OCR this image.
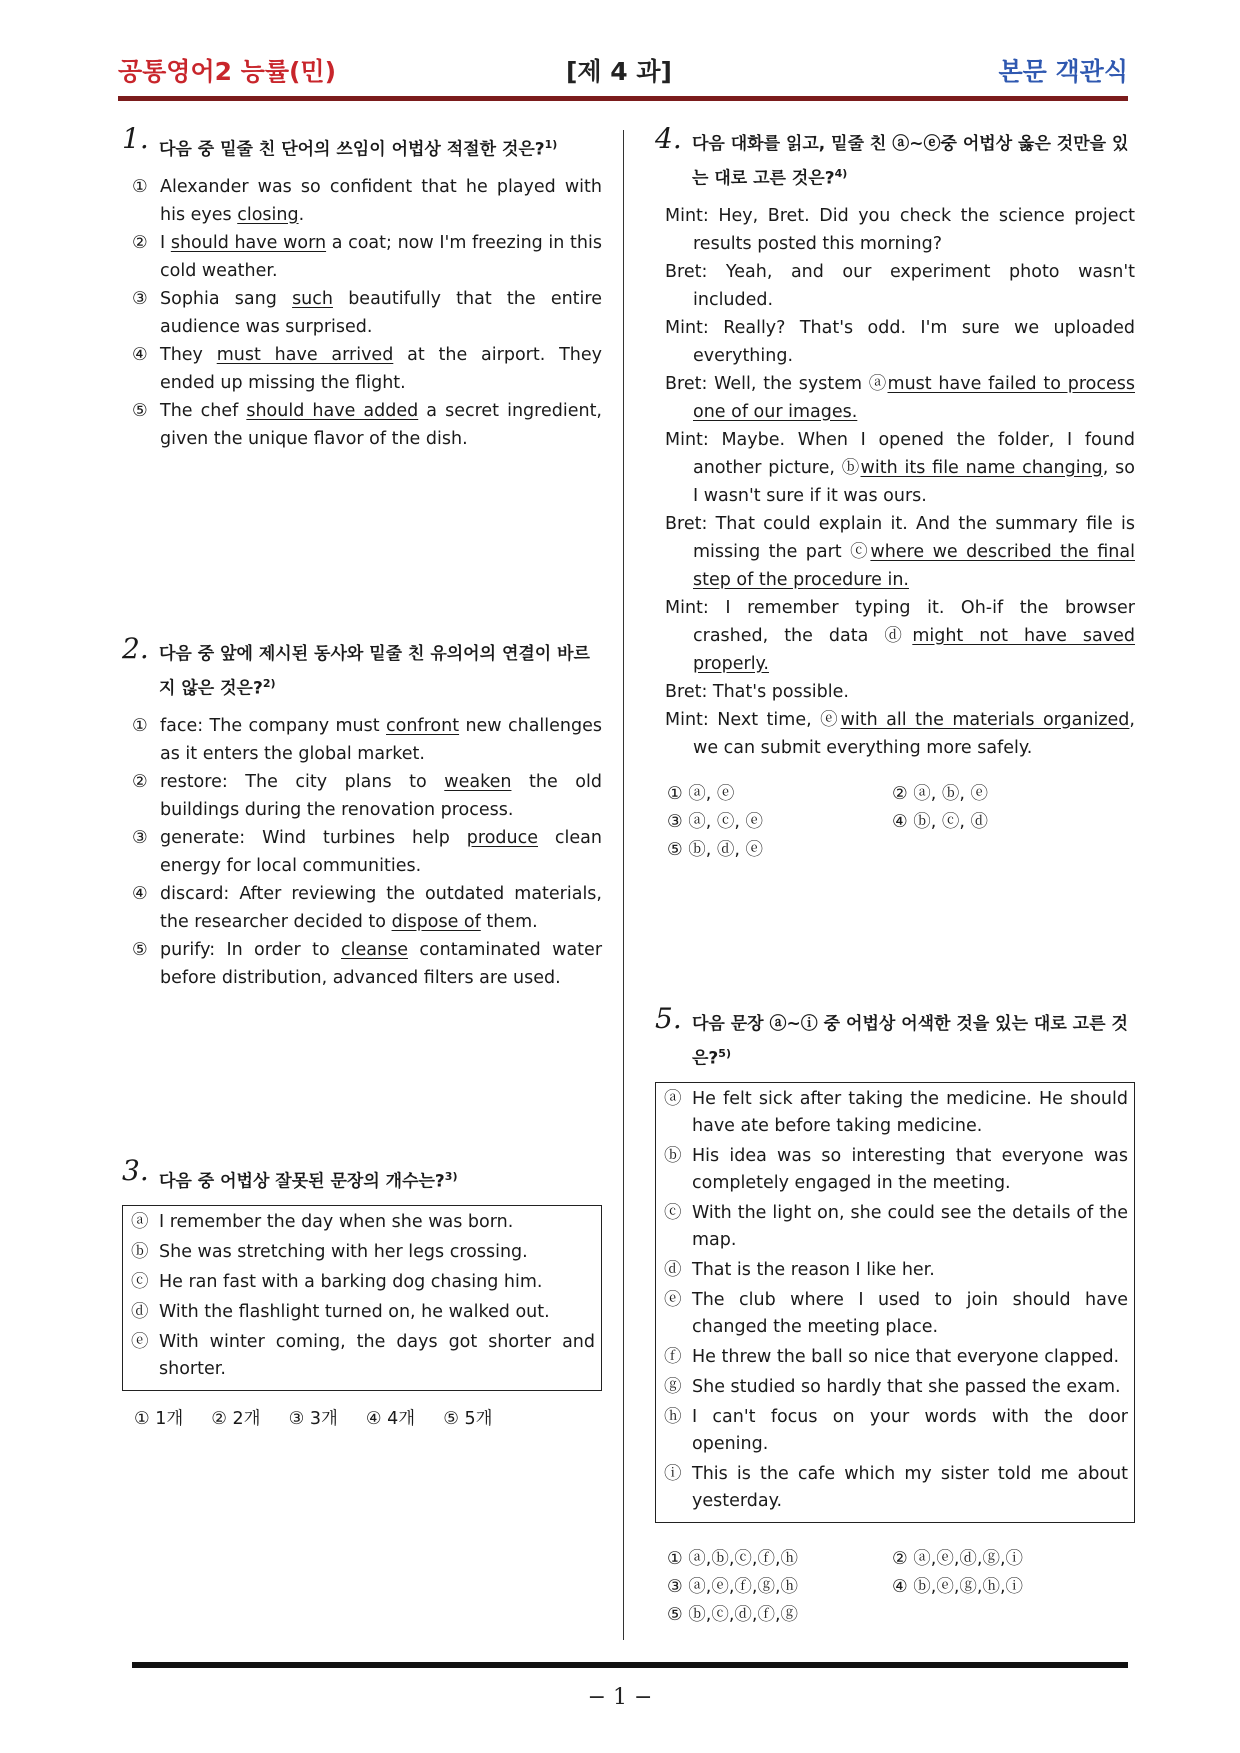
공통영어2 능률(민)	[제 4 과]	본문 객관식
1. 다음 중 밑줄 친 단어의 쓰임이 어법상 적절한 것은?$^{1)}$
① Alexander was so confident that he played with his eyes closing.
② I should have worn a coat; now I'm freezing in this cold weather.
③ Sophia sang such beautifully that the entire audience was surprised.
④ They must have arrived at the airport. They ended up missing the flight.
⑤ The chef should have added a secret ingredient, given the unique flavor of the dish.
2. 다음 중 앞에 제시된 동사와 밑줄 친 유의어의 연결이 바르지 않은 것은?$^{2)}$
① face: The company must confront new challenges as it enters the global market.
② restore: The city plans to weaken the old buildings during the renovation process.
③ generate: Wind turbines help produce clean energy for local communities.
④ discard: After reviewing the outdated materials, the researcher decided to dispose of them.
⑤ purify: In order to cleanse contaminated water before distribution, advanced filters are used.
3. 다음 중 어법상 잘못된 문장의 개수는?$^{3)}$
ⓐ I remember the day when she was born.
ⓑ She was stretching with her legs crossing.
ⓒ He ran fast with a barking dog chasing him.
ⓓ With the flashlight turned on, he walked out.
ⓔ With winter coming, the days got shorter and shorter.
① 1개 ② 2개 ③ 3개 ④ 4개 ⑤ 5개
4. 다음 대화를 읽고, 밑줄 친 ⓐ~ⓔ중 어법상 옳은 것만을 있는 대로 고른 것은?$^{4)}$
Mint: Hey, Bret. Did you check the science project results posted this morning?
Bret: Yeah, and our experiment photo wasn't included.
Mint: Really? That's odd. I'm sure we uploaded everything.
Bret: Well, the system ⓐmust have failed to process one of our images.
Mint: Maybe. When I opened the folder, I found another picture, ⓑwith its file name changing, so I wasn't sure if it was ours.
Bret: That could explain it. And the summary file is missing the part ⓒwhere we described the final step of the procedure in.
Mint: I remember typing it. Oh-if the browser crashed, the data ⓓmight not have saved properly.
Bret: That's possible.
Mint: Next time, ⓔwith all the materials organized, we can submit everything more safely.
① ⓐ, ⓔ	② ⓐ, ⓑ, ⓔ
③ ⓐ, ⓒ, ⓔ	④ ⓑ, ⓒ, ⓓ
⑤ ⓑ, ⓓ, ⓔ
5. 다음 문장 ⓐ~ⓘ 중 어법상 어색한 것을 있는 대로 고른 것은?$^{5)}$
ⓐ He felt sick after taking the medicine. He should have ate before taking medicine.
ⓑ His idea was so interesting that everyone was completely engaged in the meeting.
ⓒ With the light on, she could see the details of the map.
ⓓ That is the reason I like her.
ⓔ The club where I used to join should have changed the meeting place.
ⓕ He threw the ball so nice that everyone clapped.
ⓖ She studied so hardly that she passed the exam.
ⓗ I can't focus on your words with the door opening.
ⓘ This is the cafe which my sister told me about yesterday.
① ⓐ,ⓑ,ⓒ,ⓕ,ⓗ	② ⓐ,ⓔ,ⓓ,ⓖ,ⓘ
③ ⓐ,ⓔ,ⓕ,ⓖ,ⓗ	④ ⓑ,ⓔ,ⓖ,ⓗ,ⓘ
⑤ ⓑ,ⓒ,ⓓ,ⓕ,ⓖ
− 1 −
